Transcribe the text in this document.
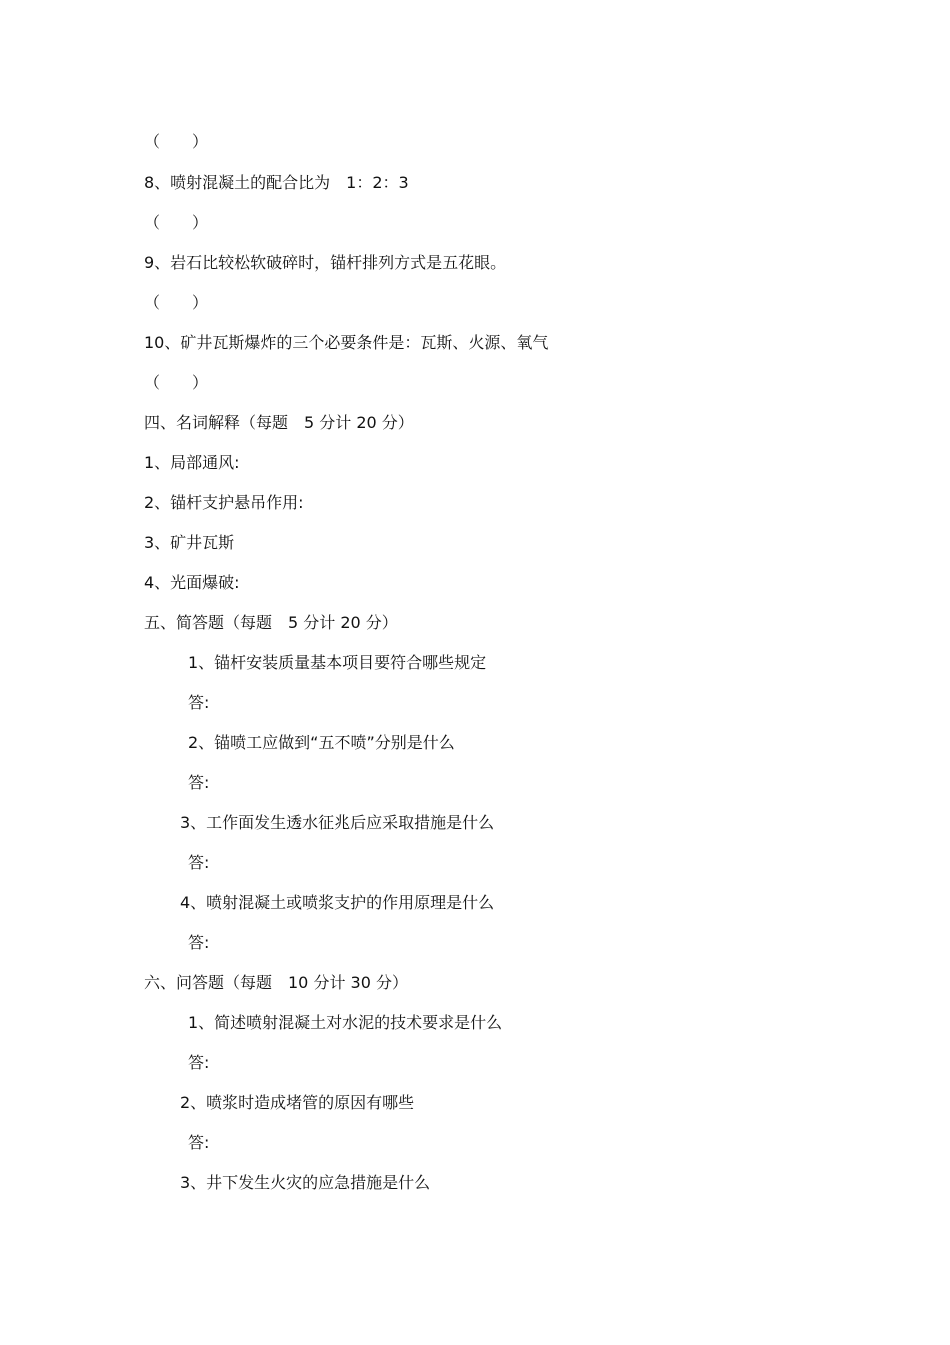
（　　）
8、喷射混凝土的配合比为　1：2：3
（　　）
9、岩石比较松软破碎时，锚杆排列方式是五花眼。
（　　）
10、矿井瓦斯爆炸的三个必要条件是：瓦斯、火源、氧气
（　　）
四、名词解释（每题　5 分计 20 分）
1、局部通风:
2、锚杆支护悬吊作用:
3、矿井瓦斯
4、光面爆破:
五、简答题（每题　5 分计 20 分）
1、锚杆安装质量基本项目要符合哪些规定
答:
2、锚喷工应做到“五不喷”分别是什么
答:
3、工作面发生透水征兆后应采取措施是什么
答:
4、喷射混凝土或喷浆支护的作用原理是什么
答:
六、问答题（每题　10 分计 30 分）
1、简述喷射混凝土对水泥的技术要求是什么
答:
2、喷浆时造成堵管的原因有哪些
答:
3、井下发生火灾的应急措施是什么
